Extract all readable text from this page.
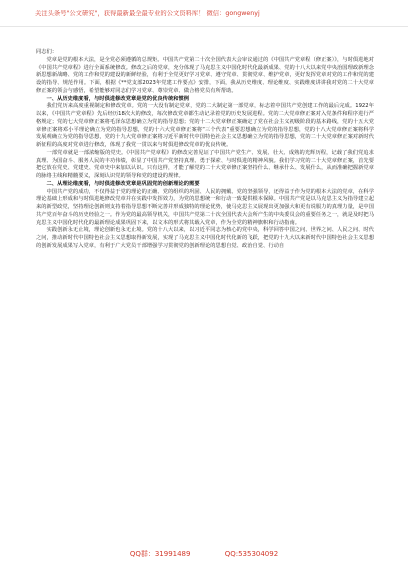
关注头条号"公文研究"，获得最新最全最专业的公文资料库！ 微信：gongwenyj

同志们：

党章是党的根本大法，是全党必须遵循的总规矩。中国共产党第二十次全国代表大会审议通过的《中国共产党章程（修正案）》，与时俱进地对《中国共产党章程》进行全面系统修改。修改之后的党章，充分体现了马克思主义中国化时代化最新成果、党的十八大以来党中央治国理政新理念新思想新战略、党的工作和党的建设的新鲜经验，有利于全党更好学习党章、遵守党章、贯彻党章、维护党章，更好发挥党章对党的工作和党的建设的指导、规范作用。下面，根据《**党支部2023年党建工作要点》安排，下面，我从历史维度、理论维度、实践维度讲讲我对党的二十大党章修正案的领会与感悟，希望能够对同志们学习党章、尊崇党章、做合格党员有所帮助。

一、从历史维度看，与时俱进修改党章是党的优良传统和惯例

我们党历来高度重视制定和修改党章。党的一大没有制定党章，党的二大制定第一部党章，标志着中国共产党创建工作的最后完成。1922年以来，《中国共产党章程》先后经历18次大的修改，每次修改党章都生动记录着党的历史发展进程。党的二大党章修正案对入党条件和程序进行严格规定；党的七大党章修正案将毛泽东思想确立为党的指导思想；党的十二大党章修正案确定了党在社会主义初级阶段的基本路线，党的十五大党章修正案将邓小平理论确立为党的指导思想，党的十六大党章修正案将“三个代表”重要思想确立为党的指导思想，党的十八大党章修正案将科学发展观确立为党的指导思想，党的十九大党章修正案将习近平新时代中国特色社会主义思想确立为党的指导思想，党的二十大党章修正案对新时代新征程的高度对党章进行修改，体现了我党一贯以来与时俱进修改党章的优良传统。

一部党章就是一部浓缩版的党史。《中国共产党章程》的修改完善见证了中国共产党生产、发展、壮大、成熟的光辉历程，记载了我们党追求真理、为国奋斗、服务人民的丰功伟绩，彰显了中国共产党坚持真理、勇于探索、与时俱进的精神风貌。我们学习党的二十大党章修正案，首先要把它放在党史、党建史、党章史中来加以认识。只有这样，才能了解党的二十大党章修正案坚持什么、继承什么、发展什么，从而准确把握新党章的脉络主线和精髓要义，深刻认识党的领导和党的建设的规律。

二、从理论维度看，与时俱进修改党章是巩固党的创新理论的需要

中国共产党的成功，不仅得益于党的理论的正确、党的组织的巩固、人民的拥戴、党的坚强领导，还得益于作为党的根本大法的党章，在科学理论基础上形成和与时俱进地修改党章并在实践中发挥效力，为党的思想统一和行动一致提供根本保障。中国共产党是以马克思主义为指导建立起来的新型政党，坚持理论创新则支持着指导思想不断完善并形成独特的理论优势，使马克思主义展现出更加强大和更有说服力的真理力量，是中国共产党百年奋斗的历史经验之一。作为党的最高领导机关，中国共产党第二十次全国代表大会所产生的中央委员会的重要任务之一，就是及时把马克思主义中国化时代化的最新理论成果巩固下来，以文本的形式将其载入党章，作为全党的精神旗帜和行动指南。

实践创新永无止境，理论创新也永无止境。党的十八大以来，以习近平同志为核心的党中央，科学回答中国之问、世界之问、人民之问、时代之问，推动新时代中国特色社会主义思想取得新发展，实现了马克思主义中国化时代化新的飞跃，把党的十九大以来新时代中国特色社会主义思想的创新发展成果写入党章，有利于广大党员干部增强学习贯彻党的创新理论的思想自觉、政治自觉、行动自

QQ群：31991489	QQ:535304092
